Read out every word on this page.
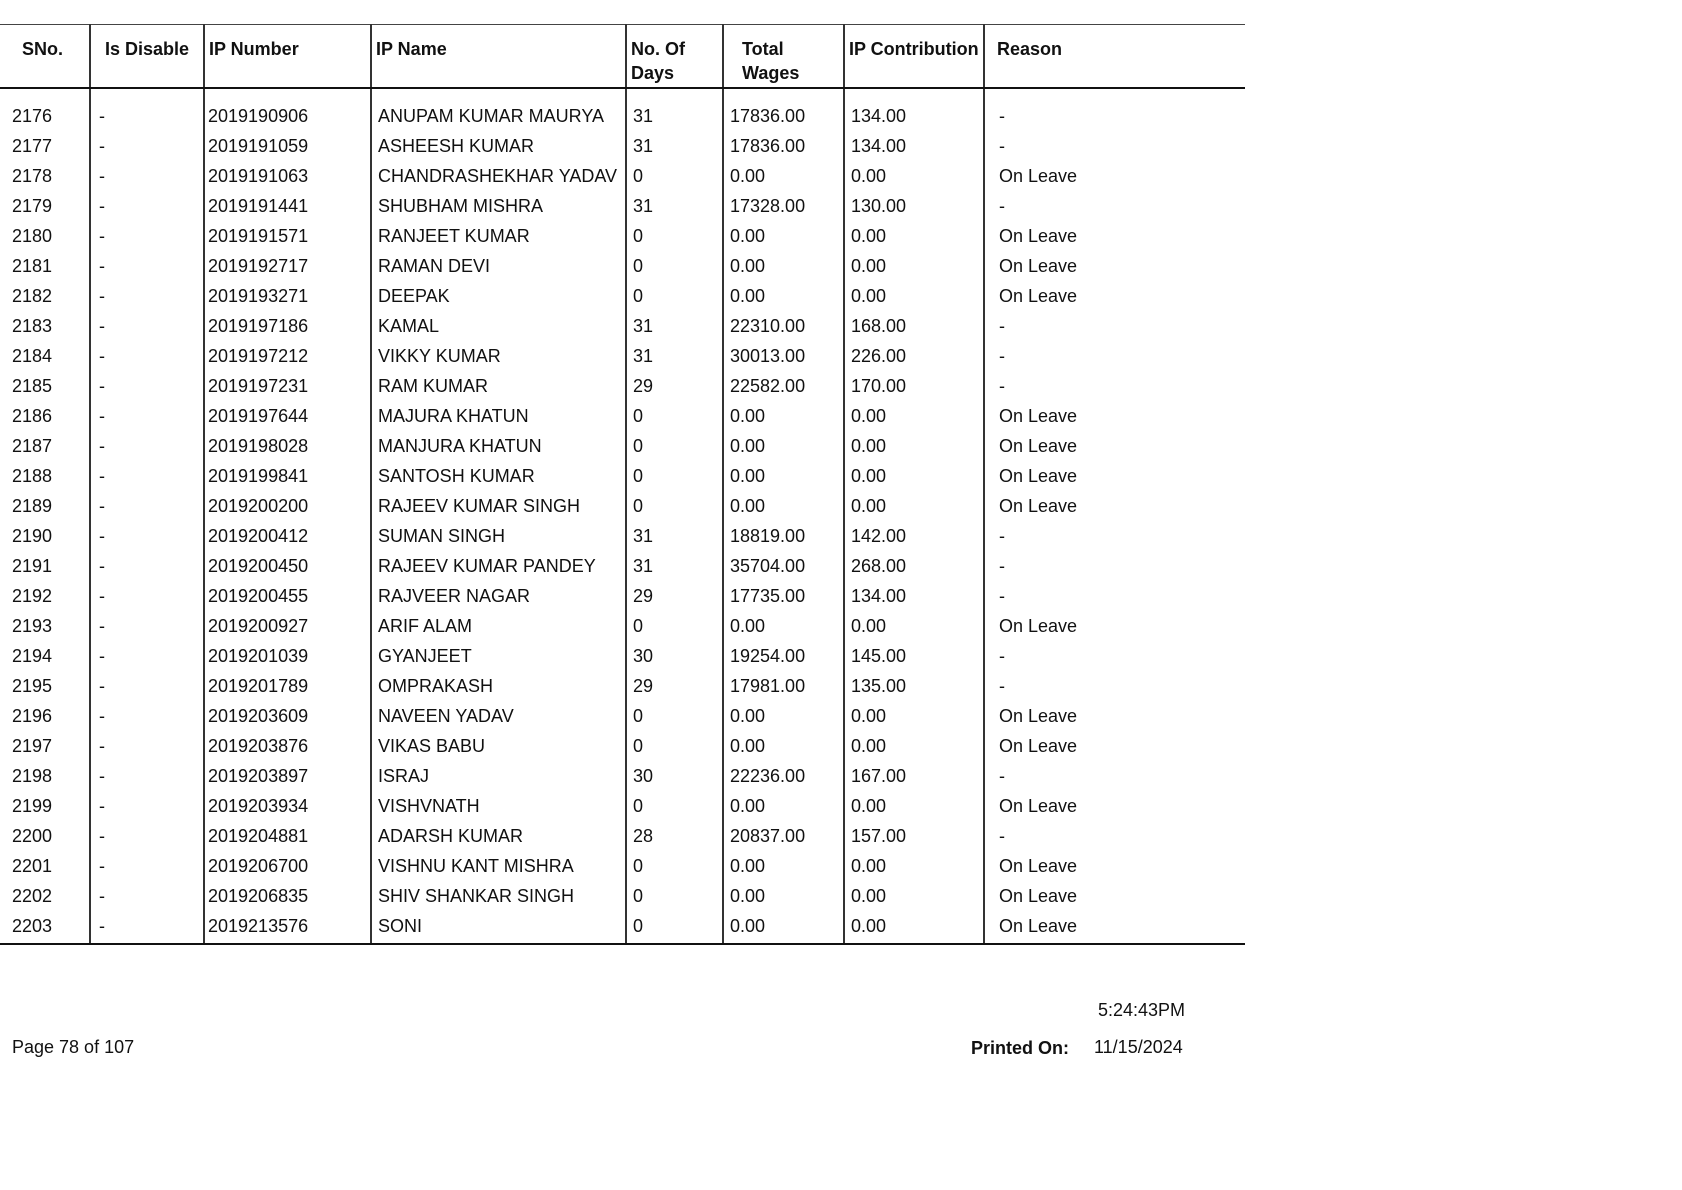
SNo.	Is Disable	IP Number	IP Name	No. Of Days	Total Wages	IP Contribution	Reason

2176	-	2019190906	ANUPAM KUMAR MAURYA	31	17836.00	134.00	-
2177	-	2019191059	ASHEESH KUMAR	31	17836.00	134.00	-
2178	-	2019191063	CHANDRASHEKHAR YADAV	0	0.00	0.00	On Leave
2179	-	2019191441	SHUBHAM MISHRA	31	17328.00	130.00	-
2180	-	2019191571	RANJEET KUMAR	0	0.00	0.00	On Leave
2181	-	2019192717	RAMAN DEVI	0	0.00	0.00	On Leave
2182	-	2019193271	DEEPAK	0	0.00	0.00	On Leave
2183	-	2019197186	KAMAL	31	22310.00	168.00	-
2184	-	2019197212	VIKKY KUMAR	31	30013.00	226.00	-
2185	-	2019197231	RAM KUMAR	29	22582.00	170.00	-
2186	-	2019197644	MAJURA KHATUN	0	0.00	0.00	On Leave
2187	-	2019198028	MANJURA KHATUN	0	0.00	0.00	On Leave
2188	-	2019199841	SANTOSH KUMAR	0	0.00	0.00	On Leave
2189	-	2019200200	RAJEEV KUMAR SINGH	0	0.00	0.00	On Leave
2190	-	2019200412	SUMAN SINGH	31	18819.00	142.00	-
2191	-	2019200450	RAJEEV KUMAR PANDEY	31	35704.00	268.00	-
2192	-	2019200455	RAJVEER NAGAR	29	17735.00	134.00	-
2193	-	2019200927	ARIF ALAM	0	0.00	0.00	On Leave
2194	-	2019201039	GYANJEET	30	19254.00	145.00	-
2195	-	2019201789	OMPRAKASH	29	17981.00	135.00	-
2196	-	2019203609	NAVEEN YADAV	0	0.00	0.00	On Leave
2197	-	2019203876	VIKAS BABU	0	0.00	0.00	On Leave
2198	-	2019203897	ISRAJ	30	22236.00	167.00	-
2199	-	2019203934	VISHVNATH	0	0.00	0.00	On Leave
2200	-	2019204881	ADARSH KUMAR	28	20837.00	157.00	-
2201	-	2019206700	VISHNU KANT MISHRA	0	0.00	0.00	On Leave
2202	-	2019206835	SHIV SHANKAR SINGH	0	0.00	0.00	On Leave
2203	-	2019213576	SONI	0	0.00	0.00	On Leave
5:24:43PM
Page 78 of 107	Printed On: 11/15/2024
